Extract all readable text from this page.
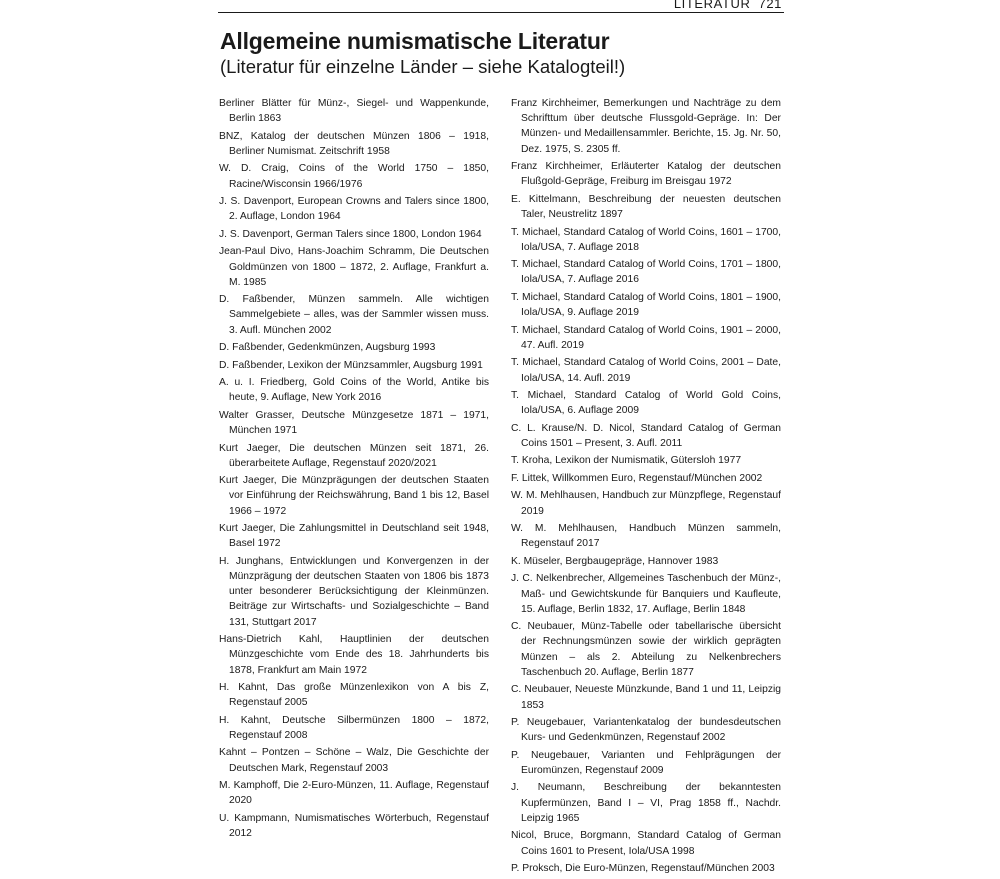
LITERATUR 721
Allgemeine numismatische Literatur
(Literatur für einzelne Länder – siehe Katalogteil!)
Berliner Blätter für Münz-, Siegel- und Wappenkunde, Berlin 1863
BNZ, Katalog der deutschen Münzen 1806 – 1918, Berliner Numismat. Zeitschrift 1958
W. D. Craig, Coins of the World 1750 – 1850, Racine/Wisconsin 1966/1976
J. S. Davenport, European Crowns and Talers since 1800, 2. Auflage, London 1964
J. S. Davenport, German Talers since 1800, London 1964
Jean-Paul Divo, Hans-Joachim Schramm, Die Deutschen Goldmünzen von 1800 – 1872, 2. Auflage, Frankfurt a. M. 1985
D. Faßbender, Münzen sammeln. Alle wichtigen Sammelgebiete – alles, was der Sammler wissen muss. 3. Aufl. München 2002
D. Faßbender, Gedenkmünzen, Augsburg 1993
D. Faßbender, Lexikon der Münzsammler, Augsburg 1991
A. u. I. Friedberg, Gold Coins of the World, Antike bis heute, 9. Auflage, New York 2016
Walter Grasser, Deutsche Münzgesetze 1871 – 1971, München 1971
Kurt Jaeger, Die deutschen Münzen seit 1871, 26. überarbeitete Auflage, Regenstauf 2020/2021
Kurt Jaeger, Die Münzprägungen der deutschen Staaten vor Einführung der Reichswährung, Band 1 bis 12, Basel 1966 – 1972
Kurt Jaeger, Die Zahlungsmittel in Deutschland seit 1948, Basel 1972
H. Junghans, Entwicklungen und Konvergenzen in der Münzprägung der deutschen Staaten von 1806 bis 1873 unter besonderer Berücksichtigung der Kleinmünzen. Beiträge zur Wirtschafts- und Sozialgeschichte – Band 131, Stuttgart 2017
Hans-Dietrich Kahl, Hauptlinien der deutschen Münzgeschichte vom Ende des 18. Jahrhunderts bis 1878, Frankfurt am Main 1972
H. Kahnt, Das große Münzenlexikon von A bis Z, Regenstauf 2005
H. Kahnt, Deutsche Silbermünzen 1800 – 1872, Regenstauf 2008
Kahnt – Pontzen – Schöne – Walz, Die Geschichte der Deutschen Mark, Regenstauf 2003
M. Kamphoff, Die 2-Euro-Münzen, 11. Auflage, Regenstauf 2020
U. Kampmann, Numismatisches Wörterbuch, Regenstauf 2012
Franz Kirchheimer, Bemerkungen und Nachträge zu dem Schrifttum über deutsche Flussgold-Gepräge. In: Der Münzen- und Medaillensammler. Berichte, 15. Jg. Nr. 50, Dez. 1975, S. 2305 ff.
Franz Kirchheimer, Erläuterter Katalog der deutschen Flußgold-Gepräge, Freiburg im Breisgau 1972
E. Kittelmann, Beschreibung der neuesten deutschen Taler, Neustrelitz 1897
T. Michael, Standard Catalog of World Coins, 1601 – 1700, Iola/USA, 7. Auflage 2018
T. Michael, Standard Catalog of World Coins, 1701 – 1800, Iola/USA, 7. Auflage 2016
T. Michael, Standard Catalog of World Coins, 1801 – 1900, Iola/USA, 9. Auflage 2019
T. Michael, Standard Catalog of World Coins, 1901 – 2000, 47. Aufl. 2019
T. Michael, Standard Catalog of World Coins, 2001 – Date, Iola/USA, 14. Aufl. 2019
T. Michael, Standard Catalog of World Gold Coins, Iola/USA, 6. Auflage 2009
C. L. Krause/N. D. Nicol, Standard Catalog of German Coins 1501 – Present, 3. Aufl. 2011
T. Kroha, Lexikon der Numismatik, Gütersloh 1977
F. Littek, Willkommen Euro, Regenstauf/München 2002
W. M. Mehlhausen, Handbuch zur Münzpflege, Regenstauf 2019
W. M. Mehlhausen, Handbuch Münzen sammeln, Regenstauf 2017
K. Müseler, Bergbaugepräge, Hannover 1983
J. C. Nelkenbrecher, Allgemeines Taschenbuch der Münz-, Maß- und Gewichtskunde für Banquiers und Kaufleute, 15. Auflage, Berlin 1832, 17. Auflage, Berlin 1848
C. Neubauer, Münz-Tabelle oder tabellarische übersicht der Rechnungsmünzen sowie der wirklich geprägten Münzen – als 2. Abteilung zu Nelkenbrechers Taschenbuch 20. Auflage, Berlin 1877
C. Neubauer, Neueste Münzkunde, Band 1 und 11, Leipzig 1853
P. Neugebauer, Variantenkatalog der bundesdeutschen Kurs- und Gedenkmünzen, Regenstauf 2002
P. Neugebauer, Varianten und Fehlprägungen der Euromünzen, Regenstauf 2009
J. Neumann, Beschreibung der bekanntesten Kupfermünzen, Band I – VI, Prag 1858 ff., Nachdr. Leipzig 1965
Nicol, Bruce, Borgmann, Standard Catalog of German Coins 1601 to Present, Iola/USA 1998
P. Proksch, Die Euro-Münzen, Regenstauf/München 2003
